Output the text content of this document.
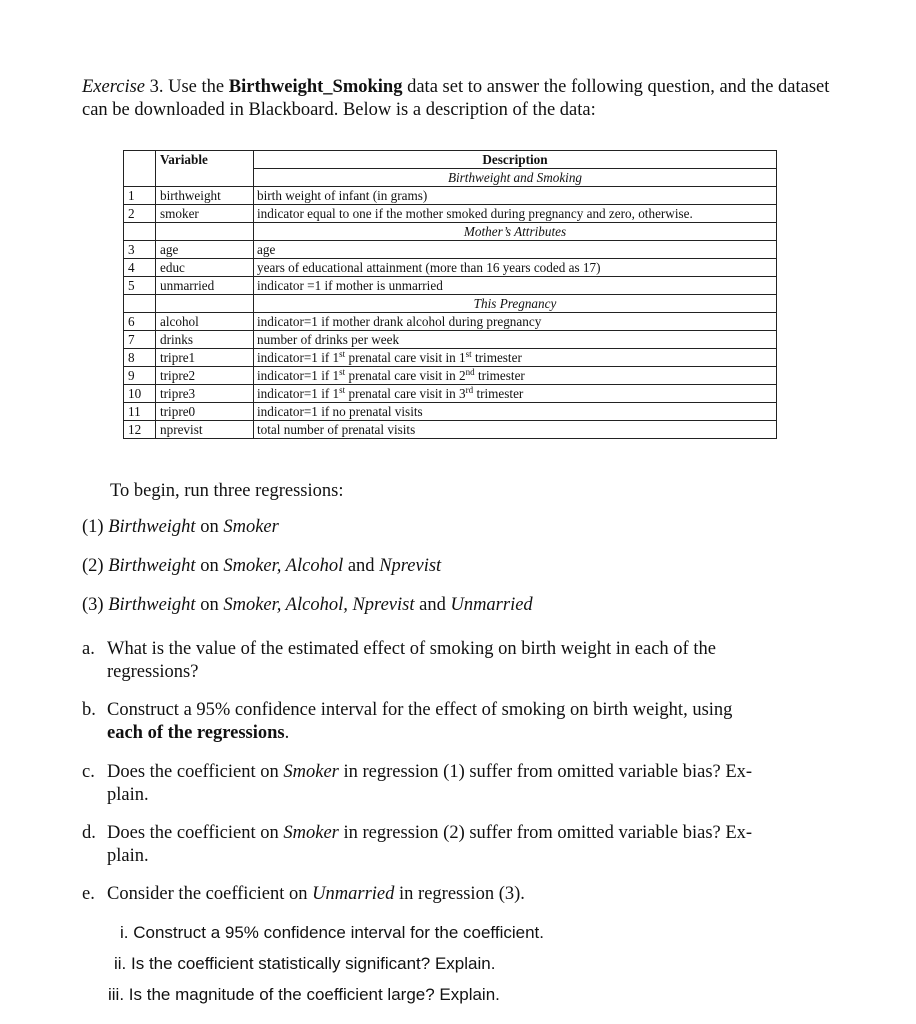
Exercise 3. Use the Birthweight_Smoking data set to answer the following question, and the dataset can be downloaded in Blackboard. Below is a description of the data:
	Variable	Description
		Birthweight and Smoking
1	birthweight	birth weight of infant (in grams)
2	smoker	indicator equal to one if the mother smoked during pregnancy and zero, otherwise.
		Mother’s Attributes
3	age	age
4	educ	years of educational attainment (more than 16 years coded as 17)
5	unmarried	indicator =1 if mother is unmarried
		This Pregnancy
6	alcohol	indicator=1 if mother drank alcohol during pregnancy
7	drinks	number of drinks per week
8	tripre1	indicator=1 if 1st prenatal care visit in 1st trimester
9	tripre2	indicator=1 if 1st prenatal care visit in 2nd trimester
10	tripre3	indicator=1 if 1st prenatal care visit in 3rd trimester
11	tripre0	indicator=1 if no prenatal visits
12	nprevist	total number of prenatal visits
To begin, run three regressions:
(1) Birthweight on Smoker
(2) Birthweight on Smoker, Alcohol and Nprevist
(3) Birthweight on Smoker, Alcohol, Nprevist and Unmarried
a. What is the value of the estimated effect of smoking on birth weight in each of the
regressions?
b. Construct a 95% confidence interval for the effect of smoking on birth weight, using
each of the regressions.
c. Does the coefficient on Smoker in regression (1) suffer from omitted variable bias? Ex-
plain.
d. Does the coefficient on Smoker in regression (2) suffer from omitted variable bias? Ex-
plain.
e. Consider the coefficient on Unmarried in regression (3).
i. Construct a 95% confidence interval for the coefficient.
ii. Is the coefficient statistically significant? Explain.
iii. Is the magnitude of the coefficient large? Explain.
